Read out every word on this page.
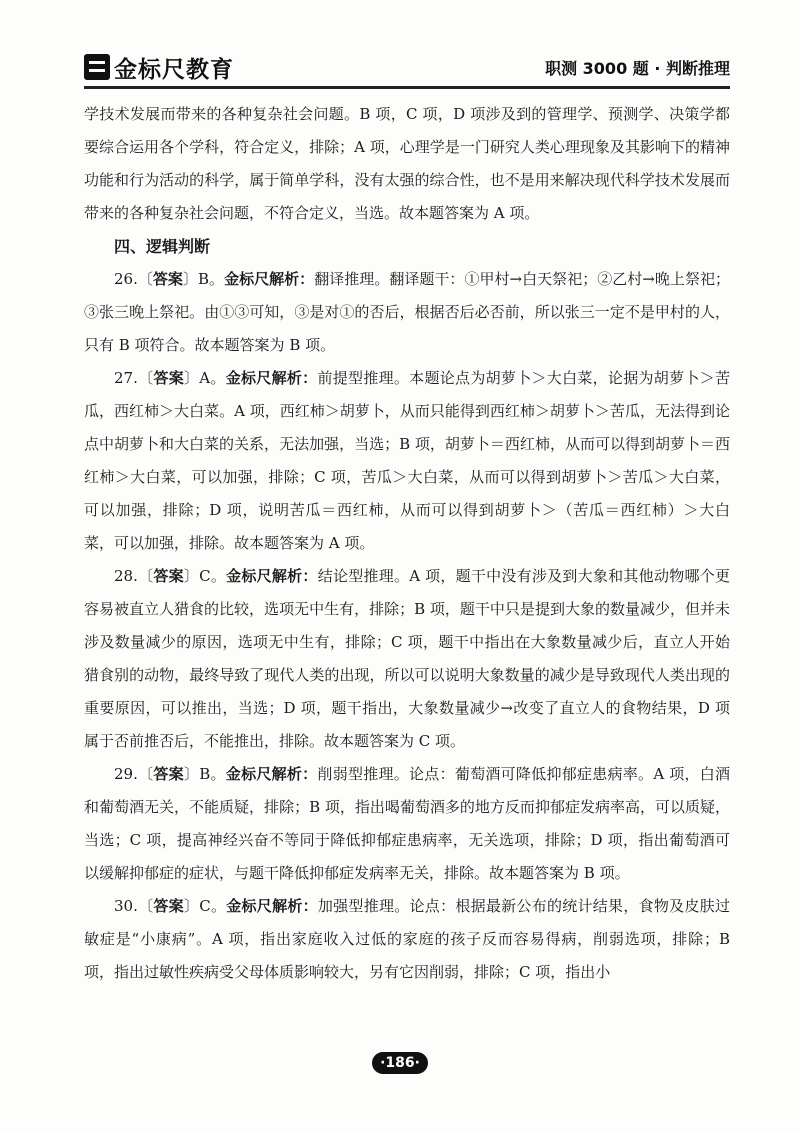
金标尺教育	职测 3000 题 · 判断推理

学技术发展而带来的各种复杂社会问题。B 项，C 项，D 项涉及到的管理学、预测学、决策学都要综合运用各个学科，符合定义，排除；A 项，心理学是一门研究人类心理现象及其影响下的精神功能和行为活动的科学，属于简单学科，没有太强的综合性，也不是用来解决现代科学技术发展而带来的各种复杂社会问题，不符合定义，当选。故本题答案为 A 项。

四、逻辑判断

26.〔答案〕B。金标尺解析：翻译推理。翻译题干：①甲村→白天祭祀；②乙村→晚上祭祀；③张三晚上祭祀。由①③可知，③是对①的否后，根据否后必否前，所以张三一定不是甲村的人，只有 B 项符合。故本题答案为 B 项。

27.〔答案〕A。金标尺解析：前提型推理。本题论点为胡萝卜＞大白菜，论据为胡萝卜＞苦瓜，西红柿＞大白菜。A 项，西红柿＞胡萝卜，从而只能得到西红柿＞胡萝卜＞苦瓜，无法得到论点中胡萝卜和大白菜的关系，无法加强，当选；B 项，胡萝卜＝西红柿，从而可以得到胡萝卜＝西红柿＞大白菜，可以加强，排除；C 项，苦瓜＞大白菜，从而可以得到胡萝卜＞苦瓜＞大白菜，可以加强，排除；D 项，说明苦瓜＝西红柿，从而可以得到胡萝卜＞（苦瓜＝西红柿）＞大白菜，可以加强，排除。故本题答案为 A 项。

28.〔答案〕C。金标尺解析：结论型推理。A 项，题干中没有涉及到大象和其他动物哪个更容易被直立人猎食的比较，选项无中生有，排除；B 项，题干中只是提到大象的数量减少，但并未涉及数量减少的原因，选项无中生有，排除；C 项，题干中指出在大象数量减少后，直立人开始猎食别的动物，最终导致了现代人类的出现，所以可以说明大象数量的减少是导致现代人类出现的重要原因，可以推出，当选；D 项，题干指出，大象数量减少→改变了直立人的食物结果，D 项属于否前推否后，不能推出，排除。故本题答案为 C 项。

29.〔答案〕B。金标尺解析：削弱型推理。论点：葡萄酒可降低抑郁症患病率。A 项，白酒和葡萄酒无关，不能质疑，排除；B 项，指出喝葡萄酒多的地方反而抑郁症发病率高，可以质疑，当选；C 项，提高神经兴奋不等同于降低抑郁症患病率，无关选项，排除；D 项，指出葡萄酒可以缓解抑郁症的症状，与题干降低抑郁症发病率无关，排除。故本题答案为 B 项。

30.〔答案〕C。金标尺解析：加强型推理。论点：根据最新公布的统计结果，食物及皮肤过敏症是“小康病”。A 项，指出家庭收入过低的家庭的孩子反而容易得病，削弱选项，排除；B 项，指出过敏性疾病受父母体质影响较大，另有它因削弱，排除；C 项，指出小

·186·
